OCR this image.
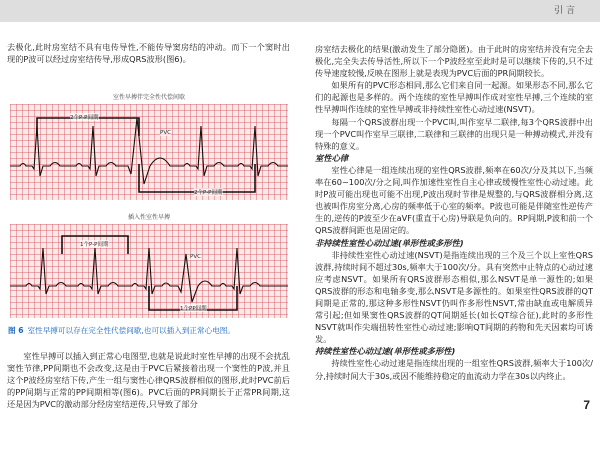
引言

去极化,此时房室结不具有电传导性,不能传导窦房结的冲动。而下一个窦时出现的P波可以经过房室结传导,形成QRS波形(图6)。

室性早搏伴完全性代偿间歇
2个P-P间期
PVC
2个P-P间期
插入性室性早搏
1个P-P间期
PVC
1个PP间期
图 6 室性早搏可以存在完全性代偿间歇,也可以插入到正常心电图。

室性早搏可以插入到正常心电图型,也就是说此时室性早搏的出现不会扰乱窦性节律,PP间期也不会改变,这是由于PVC后紧接着出现一个窦性的P波,并且这个P波经房室结下传,产生一组与窦性心律QRS波群相似的图形,此时PVC前后的PP间期与正常的PP间期相等(图6)。PVC后面的PR间期长于正常PR间期,这还是因为PVC的激动部分经房室结逆传,只导致了部分

房室结去极化的结果(激动发生了部分隐匿)。由于此时的房室结并没有完全去极化,完全失去传导活性,所以下一个P波经室至此时是可以继续下传的,只不过传导速度较慢,反映在图形上就是表现为PVC后面的PR间期较长。

如果所有的PVC形态相同,那么它们来自同一起源。如果形态不同,那么它们的起源也是多样的。两个连续的室性早搏叫作成对室性早搏,三个连续的室性早搏叫作连续的室性早搏或非持续性室性心动过速(NSVT)。

每隔一个QRS波群出现一个PVC叫,叫作室早二联律,每3个QRS波群中出现一个PVC叫作室早三联律,二联律和三联律的出现只是一种搏动模式,并没有特殊的意义。

室性心律

室性心律是一组连续出现的室性QRS波群,频率在60次/分及其以下,当频率在60~100次/分之间,叫作加速性室性自主心律或缓慢性室性心动过速。此时P波可能出现也可能不出现,P波出现时节律是规整的,与QRS波群相分离,这也被叫作房室分离,心房的频率低于心室的频率。P波也可能是伴随室性逆传产生的,逆传的P波至少在aVF(重直于心房)导联是负向的。RP间期,P波和前一个QRS波群间距也是固定的。

非持续性室性心动过速(单形性或多形性)

非持续性室性心动过速(NSVT)是指连续出现的三个及三个以上室性QRS波群,持续时间不超过30s,频率大于100次/分。具有突然中止特点的心动过速应考虑NSVT。如果所有QRS波群形态相似,那么NSVT是单一源性的;如果QRS波群的形态和电轴多变,那么NSVT是多源性的。如果室性QRS波群的QT间期是正常的,那这种多形性NSVT仍叫作多形性NSVT,常由缺血或电解质异常引起;但如果窦性QRS波群的QT间期延长(如长QT综合征),此时的多形性NSVT就叫作尖端扭转性室性心动过速;影响QT间期的药物和先天因素均可诱发。

持续性室性心动过速(单形性或多形性)

持续性室性心动过速是指连续出现的一组室性QRS波群,频率大于100次/分,持续时间大于30s,或因不能维持稳定的血流动力学在30s以内终止。

7
